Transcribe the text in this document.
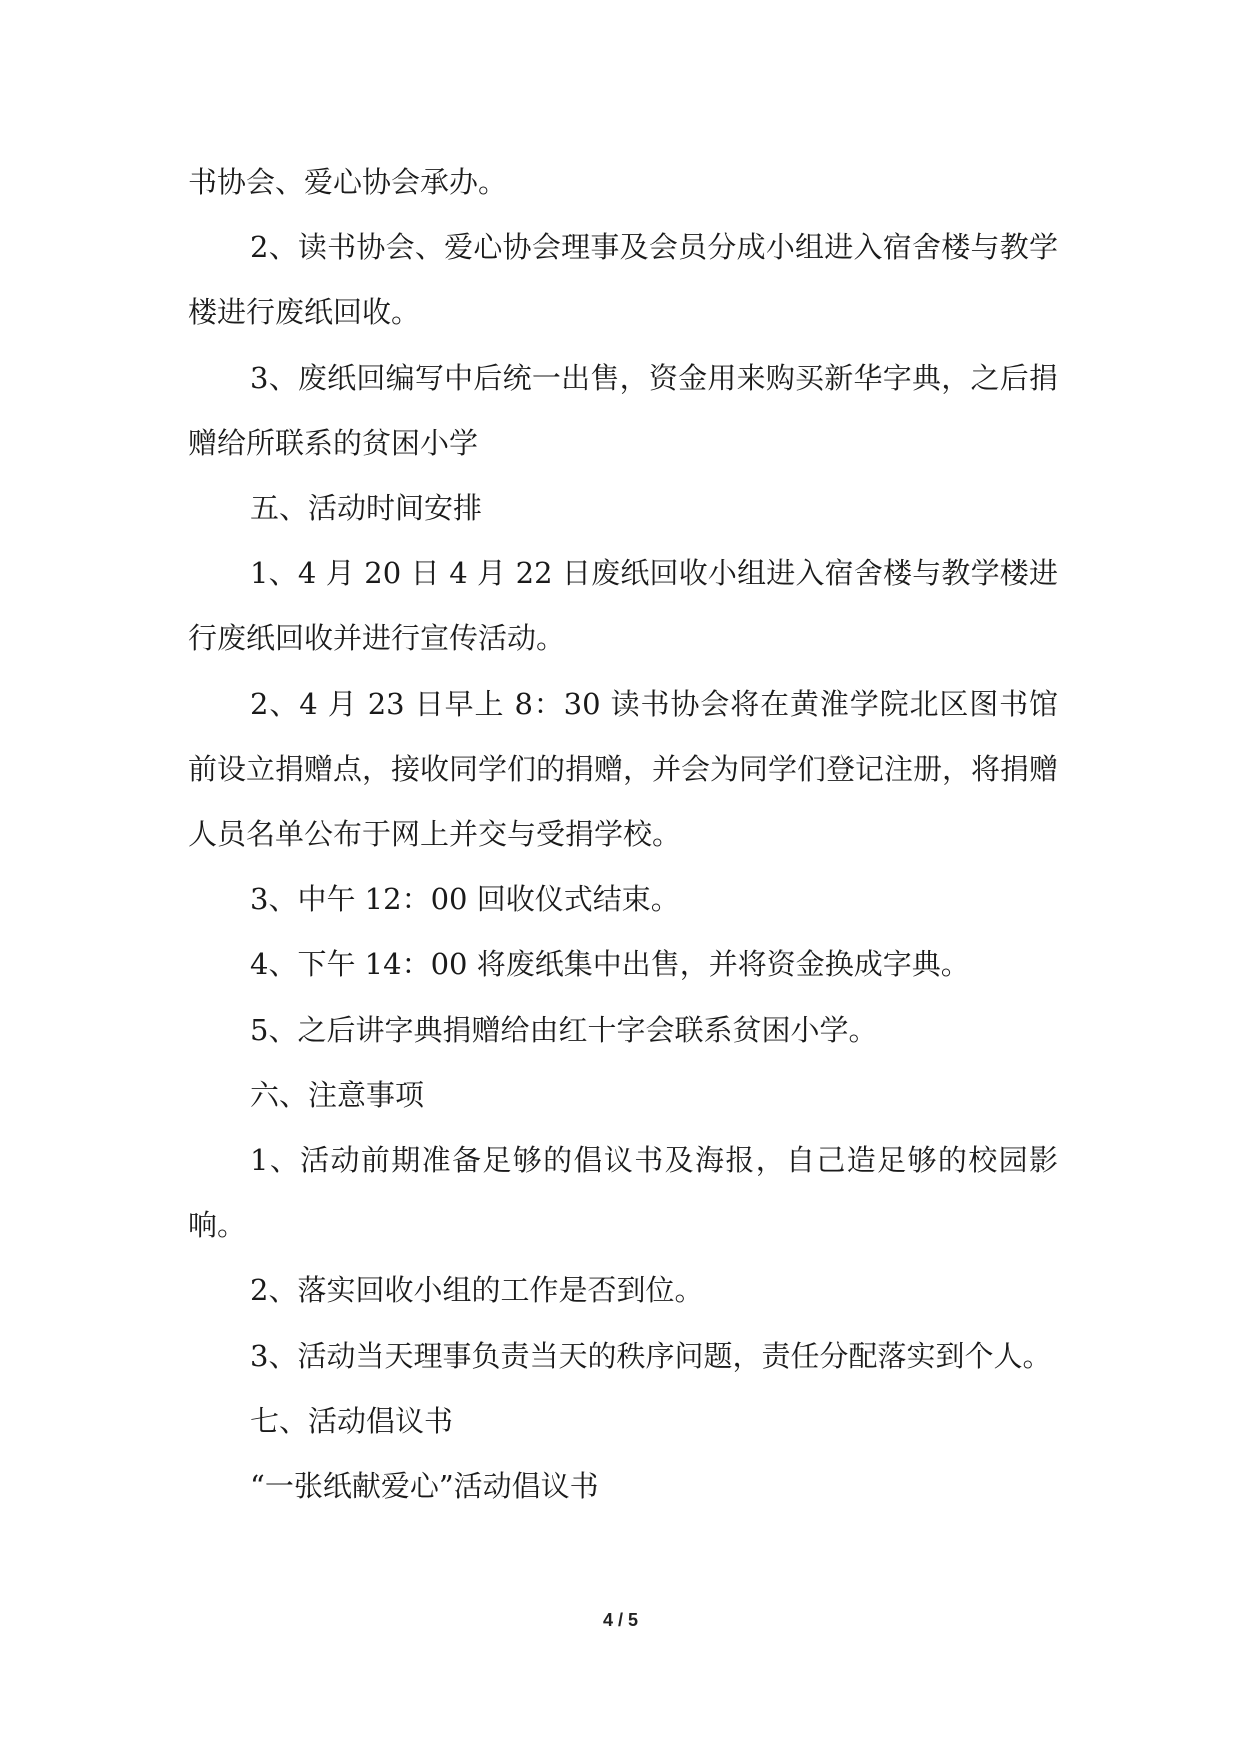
书协会、爱心协会承办。

2、读书协会、爱心协会理事及会员分成小组进入宿舍楼与教学楼进行废纸回收。

3、废纸回编写中后统一出售，资金用来购买新华字典，之后捐赠给所联系的贫困小学

五、活动时间安排

1、4 月 20 日 4 月 22 日废纸回收小组进入宿舍楼与教学楼进行废纸回收并进行宣传活动。

2、4 月 23 日早上 8：30 读书协会将在黄淮学院北区图书馆前设立捐赠点，接收同学们的捐赠，并会为同学们登记注册，将捐赠人员名单公布于网上并交与受捐学校。

3、中午 12：00 回收仪式结束。

4、下午 14：00 将废纸集中出售，并将资金换成字典。

5、之后讲字典捐赠给由红十字会联系贫困小学。

六、注意事项

1、活动前期准备足够的倡议书及海报，自己造足够的校园影响。

2、落实回收小组的工作是否到位。

3、活动当天理事负责当天的秩序问题，责任分配落实到个人。

七、活动倡议书

“一张纸献爱心”活动倡议书

4 / 5
